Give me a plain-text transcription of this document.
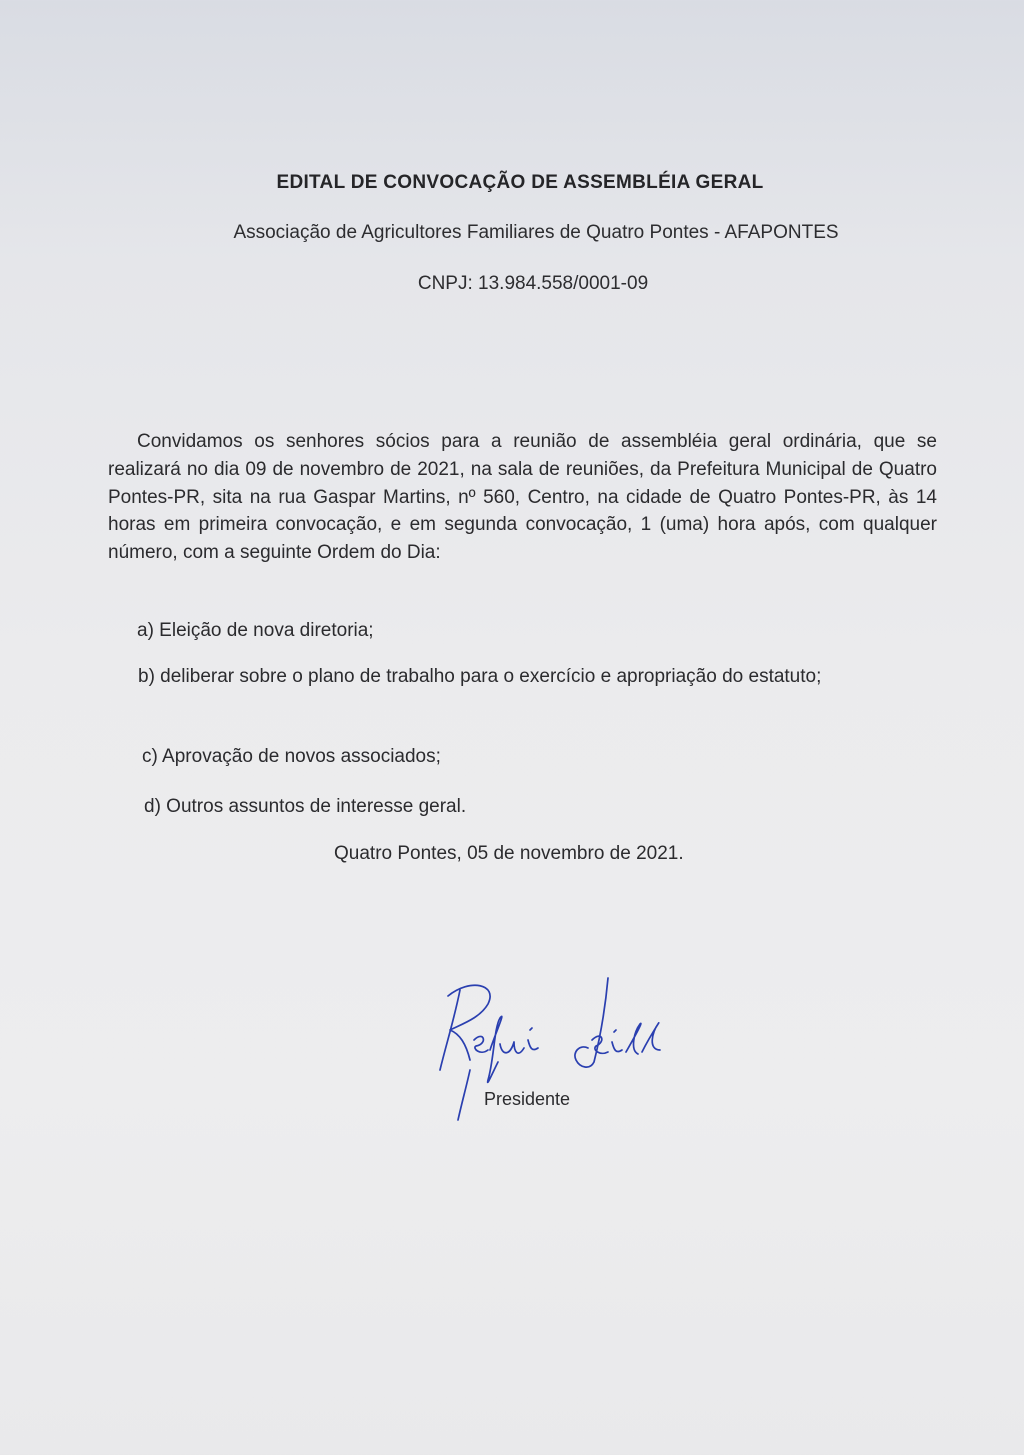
EDITAL DE CONVOCAÇÃO DE ASSEMBLÉIA GERAL
Associação de Agricultores Familiares de Quatro Pontes - AFAPONTES
CNPJ: 13.984.558/0001-09
Convidamos os senhores sócios para a reunião de assembléia geral ordinária, que se realizará no dia 09 de novembro de 2021, na sala de reuniões, da Prefeitura Municipal de Quatro Pontes-PR, sita na rua Gaspar Martins, nº 560, Centro, na cidade de Quatro Pontes-PR, às 14 horas em primeira convocação, e em segunda convocação, 1 (uma) hora após, com qualquer número, com a seguinte Ordem do Dia:
a) Eleição de nova diretoria;
b) deliberar sobre o plano de trabalho para o exercício e apropriação do estatuto;
c) Aprovação de novos associados;
d) Outros assuntos de interesse geral.
Quatro Pontes, 05 de novembro de 2021.
Presidente
